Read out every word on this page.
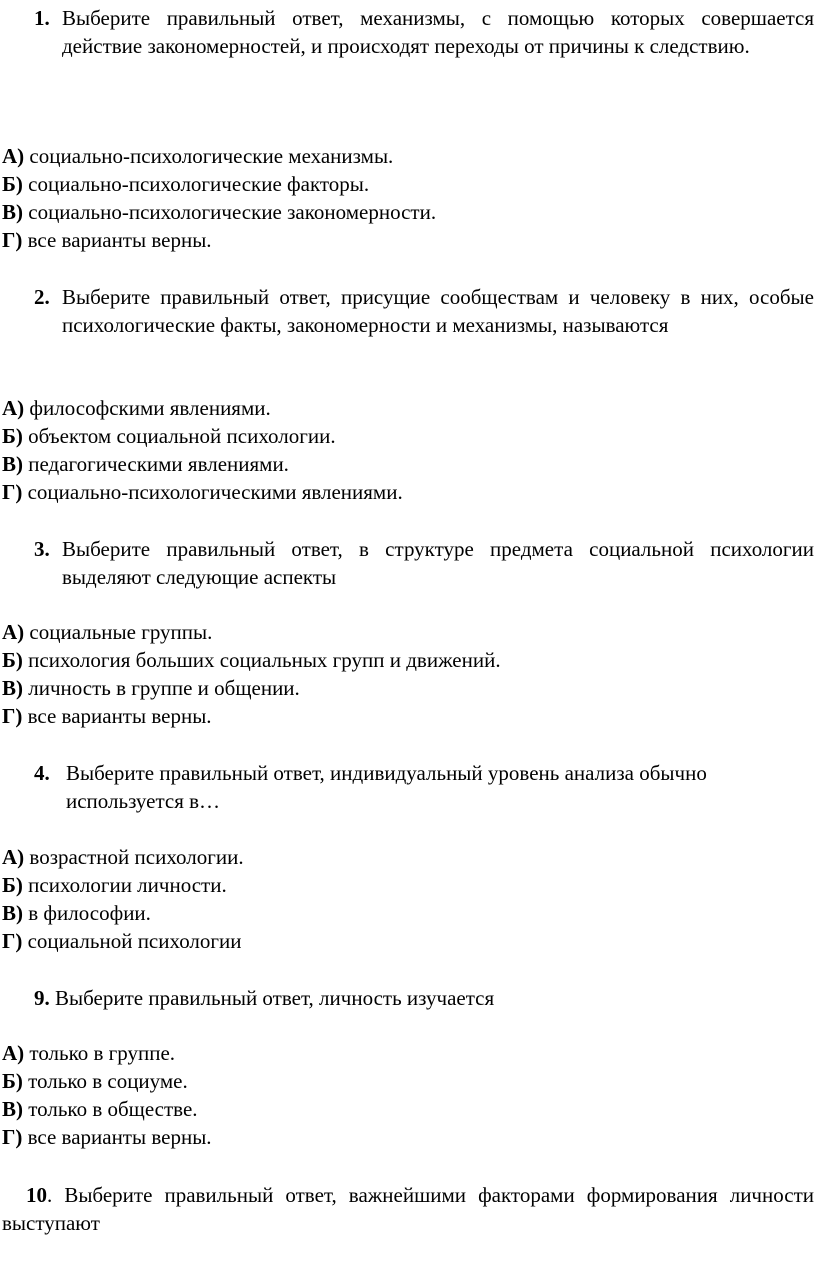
1. Выберите правильный ответ, механизмы, с помощью которых совершается действие закономерностей, и происходят переходы от причины к следствию.
А) социально-психологические механизмы.
Б) социально-психологические факторы.
В) социально-психологические закономерности.
Г) все варианты верны.
2. Выберите правильный ответ, присущие сообществам и человеку в них, особые психологические факты, закономерности и механизмы, называются
А) философскими явлениями.
Б) объектом социальной психологии.
В) педагогическими явлениями.
Г) социально-психологическими явлениями.
3. Выберите правильный ответ, в структуре предмета социальной психологии выделяют следующие аспекты
А) социальные группы.
Б) психология больших социальных групп и движений.
В) личность в группе и общении.
Г) все варианты верны.
4. Выберите правильный ответ, индивидуальный уровень анализа обычно используется в…
А) возрастной психологии.
Б) психологии личности.
В) в философии.
Г) социальной психологии
9. Выберите правильный ответ, личность изучается
А) только в группе.
Б) только в социуме.
В) только в обществе.
Г) все варианты верны.
10. Выберите правильный ответ, важнейшими факторами формирования личности выступают
